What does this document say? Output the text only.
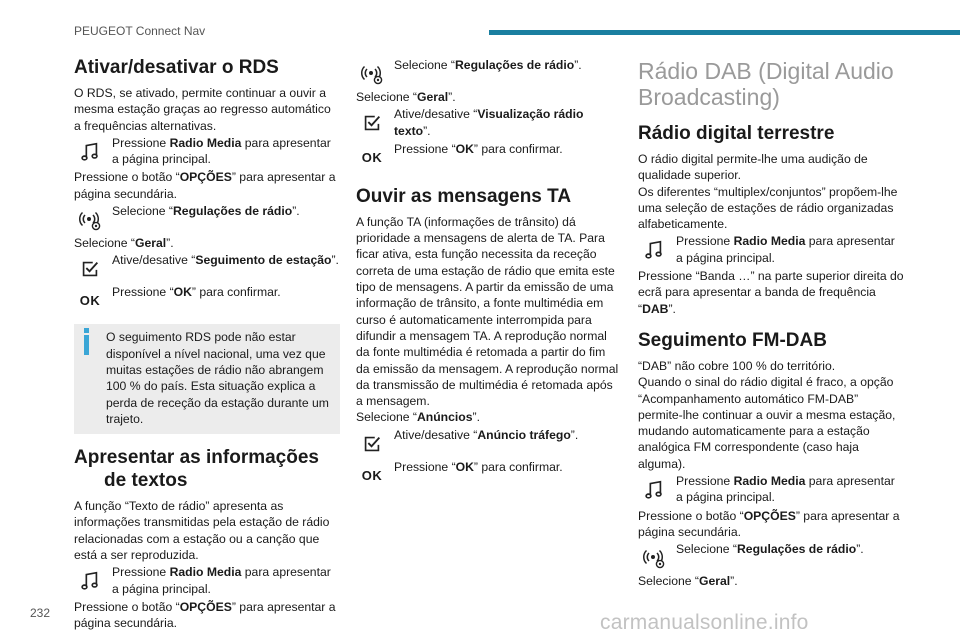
PEUGEOT Connect Nav
Ativar/desativar o RDS

O RDS, se ativado, permite continuar a ouvir a mesma estação graças ao regresso automático a frequências alternativas.

Pressione Radio Media para apresentar a página principal.

Pressione o botão “OPÇÕES” para apresentar a página secundária.

Selecione “Regulações de rádio”.

Selecione “Geral”.

Ative/desative “Seguimento de estação”.
OK
Pressione “OK” para confirmar.

O seguimento RDS pode não estar disponível a nível nacional, uma vez que muitas estações de rádio não abrangem 100 % do país. Esta situação explica a perda de receção da estação durante um trajeto.

Apresentar as informações de textos

A função “Texto de rádio” apresenta as informações transmitidas pela estação de rádio relacionadas com a estação ou a canção que está a ser reproduzida.

Pressione Radio Media para apresentar a página principal.

Pressione o botão “OPÇÕES” para apresentar a página secundária.

Selecione “Regulações de rádio”.

Selecione “Geral”.

Ative/desative “Visualização rádio texto”.
OK
Pressione “OK” para confirmar.
Ouvir as mensagens TA

A função TA (informações de trânsito) dá prioridade a mensagens de alerta de TA. Para ficar ativa, esta função necessita da receção correta de uma estação de rádio que emita este tipo de mensagens. A partir da emissão de uma informação de trânsito, a fonte multimédia em curso é automaticamente interrompida para difundir a mensagem TA. A reprodução normal da fonte multimédia é retomada a partir do fim da emissão da mensagem. A reprodução normal da transmissão de multimédia é retomada após a mensagem.

Selecione “Anúncios”.

Ative/desative “Anúncio tráfego”.
OK
Pressione “OK” para confirmar.
Rádio DAB (Digital Audio Broadcasting)
Rádio digital terrestre

O rádio digital permite-lhe uma audição de qualidade superior.

Os diferentes “multiplex/conjuntos” propõem-lhe uma seleção de estações de rádio organizadas alfabeticamente.

Pressione Radio Media para apresentar a página principal.

Pressione “Banda …” na parte superior direita do ecrã para apresentar a banda de frequência “DAB”.

Seguimento FM-DAB

“DAB” não cobre 100 % do território.

Quando o sinal do rádio digital é fraco, a opção “Acompanhamento automático FM-DAB” permite-lhe continuar a ouvir a mesma estação, mudando automaticamente para a estação analógica FM correspondente (caso haja alguma).

Pressione Radio Media para apresentar a página principal.

Pressione o botão “OPÇÕES” para apresentar a página secundária.

Selecione “Regulações de rádio”.

Selecione “Geral”.

232	carmanualsonline.info
